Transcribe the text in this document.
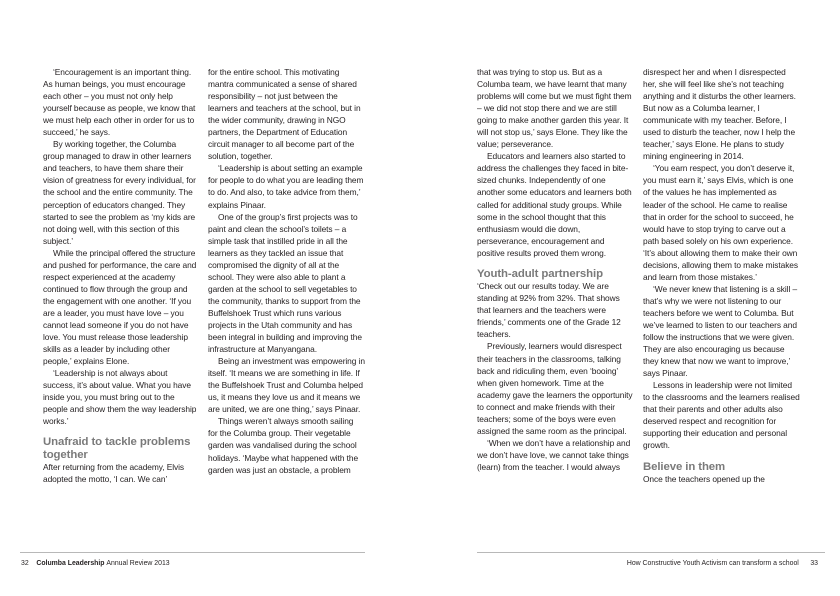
‘Encouragement is an important thing. As human beings, you must encourage each other – you must not only help yourself because as people, we know that we must help each other in order for us to succeed,’ he says.

By working together, the Columba group managed to draw in other learners and teachers, to have them share their vision of greatness for every individual, for the school and the entire community. The perception of educators changed. They started to see the problem as ‘my kids are not doing well, with this section of this subject.’

While the principal offered the structure and pushed for performance, the care and respect experienced at the academy continued to flow through the group and the engagement with one another. ‘If you are a leader, you must have love – you cannot lead someone if you do not have love. You must release those leadership skills as a leader by including other people,’ explains Elone.

‘Leadership is not always about success, it’s about value. What you have inside you, you must bring out to the people and show them the way leadership works.’

Unafraid to tackle problems together

After returning from the academy, Elvis adopted the motto, ‘I can. We can’

for the entire school. This motivating mantra communicated a sense of shared responsibility – not just between the learners and teachers at the school, but in the wider community, drawing in NGO partners, the Department of Education circuit manager to all become part of the solution, together.

‘Leadership is about setting an example for people to do what you are leading them to do. And also, to take advice from them,’ explains Pinaar.

One of the group’s first projects was to paint and clean the school’s toilets – a simple task that instilled pride in all the learners as they tackled an issue that compromised the dignity of all at the school. They were also able to plant a garden at the school to sell vegetables to the community, thanks to support from the Buffelshoek Trust which runs various projects in the Utah community and has been integral in building and improving the infrastructure at Manyangana.

Being an investment was empowering in itself. ‘It means we are something in life. If the Buffelshoek Trust and Columba helped us, it means they love us and it means we are united, we are one thing,’ says Pinaar.

Things weren’t always smooth sailing for the Columba group. Their vegetable garden was vandalised during the school holidays. ‘Maybe what happened with the garden was just an obstacle, a problem

that was trying to stop us. But as a Columba team, we have learnt that many problems will come but we must fight them – we did not stop there and we are still going to make another garden this year. It will not stop us,’ says Elone. They like the value; perseverance.

Educators and learners also started to address the challenges they faced in bite-sized chunks. Independently of one another some educators and learners both called for additional study groups. While some in the school thought that this enthusiasm would die down, perseverance, encouragement and positive results proved them wrong.

Youth-adult partnership

‘Check out our results today. We are standing at 92% from 32%. That shows that learners and the teachers were friends,’ comments one of the Grade 12 teachers.

Previously, learners would disrespect their teachers in the classrooms, talking back and ridiculing them, even ‘booing’ when given homework. Time at the academy gave the learners the opportunity to connect and make friends with their teachers; some of the boys were even assigned the same room as the principal.

‘When we don’t have a relationship and we don’t have love, we cannot take things (learn) from the teacher. I would always

disrespect her and when I disrespected her, she will feel like she’s not teaching anything and it disturbs the other learners. But now as a Columba learner, I communicate with my teacher. Before, I used to disturb the teacher, now I help the teacher,’ says Elone. He plans to study mining engineering in 2014.

‘You earn respect, you don’t deserve it, you must earn it,’ says Elvis, which is one of the values he has implemented as leader of the school. He came to realise that in order for the school to succeed, he would have to stop trying to carve out a path based solely on his own experience. ‘It’s about allowing them to make their own decisions, allowing them to make mistakes and learn from those mistakes.’

‘We never knew that listening is a skill – that’s why we were not listening to our teachers before we went to Columba. But we’ve learned to listen to our teachers and follow the instructions that we were given. They are also encouraging us because they knew that now we want to improve,’ says Pinaar.

Lessons in leadership were not limited to the classrooms and the learners realised that their parents and other adults also deserved respect and recognition for supporting their education and personal growth.

Believe in them

Once the teachers opened up the

32 Columba Leadership Annual Review 2013	How Constructive Youth Activism can transform a school 33
